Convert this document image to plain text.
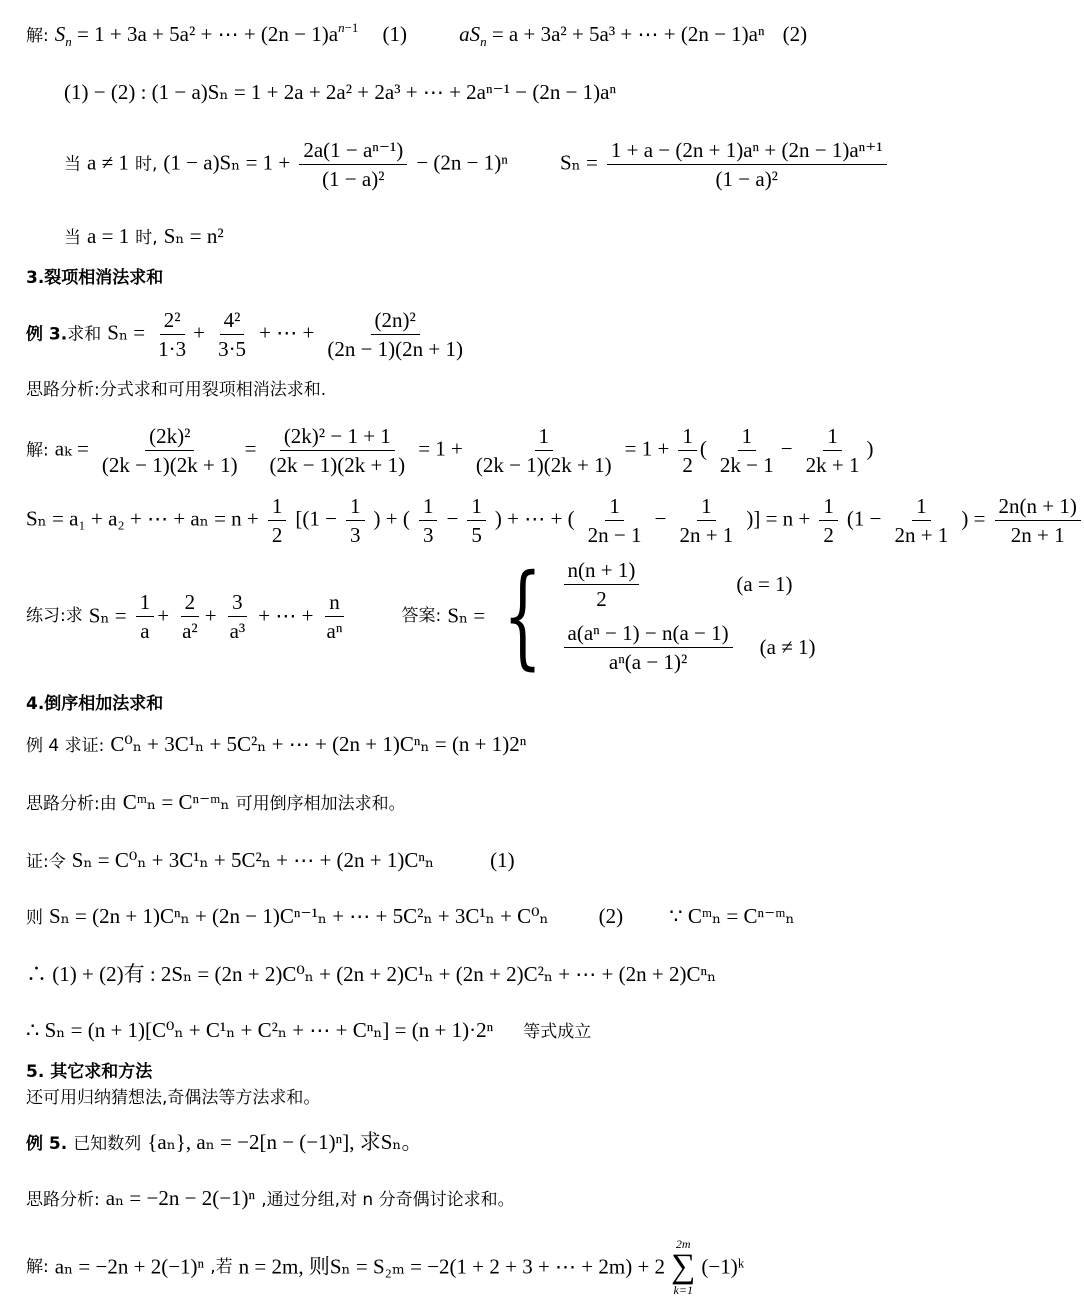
解: $S_n = 1 + 3a + 5a^2$ + ⋯ + $(2n - 1)a^{n-1}$ (1) $aS_n = a + 3a^2 + 5a^3$ + ⋯ + (2n − 1)aⁿ (2)
(1) − (2) : (1 − a)Sₙ = 1 + 2a + 2a² + 2a³ + ⋯ + 2aⁿ⁻¹ − (2n − 1)aⁿ
当 a ≠ 1 时, $(1 - a)S_n = 1 + \frac{\text{2a(1 − aⁿ⁻¹)}}{\text{(1 − a)²}} - (2n - 1)^n$ $S_n = \frac{\text{1 + a − (2n + 1)aⁿ + (2n − 1)aⁿ⁺¹}}{\text{(1 − a)²}}$
当 a = 1 时, Sₙ = n²
3.裂项相消法求和
例 3.求和 $S_n = \frac{\text{2²}}{1\cdot 3} + \frac{\text{4²}}{3\cdot 5}$ + ⋯ + $\frac{\text{(2n)²}}{(2n - 1)(2n + 1)}$
思路分析:分式求和可用裂项相消法求和.
解: $a_k = \frac{\text{(2k)²}}{(2k - 1)(2k + 1)} = \frac{\text{(2k)² − 1 + 1}}{(2k - 1)(2k + 1)} = 1 + \frac{1}{(2k - 1)(2k + 1)} = 1 + \frac{1}{2}$ ( $\frac{1}{2k - 1} - \frac{1}{2k + 1}$ )
Sₙ = a₁ + a₂ + ⋯ + $a_n = n + \frac{1}{2} [(1 - \frac{1}{3}$ ) + ( $\frac{1}{3} - \frac{1}{5}$ ) + ⋯ + ( $\frac{1}{2n - 1} - \frac{1}{2n + 1}$ )] = $n + \frac{1}{2} (1 - \frac{1}{2n + 1}$ ) = $\frac{2n(n + 1)}{2n + 1}$
练习:求 $S_n = \frac{1}{a} + \frac{2}{\text{a²}} + \frac{3}{\text{a³}}$ + ⋯ + $\frac{n}{\text{aⁿ}}$	答案: Sₙ = { $\frac{n(n + 1)}{2}$	(a = 1)
$\frac{\text{a(aⁿ − 1) − n(a − 1)}}{\text{aⁿ(a − 1)²}} (a \ne 1)$
4.倒序相加法求和
例 4 求证: C⁰ₙ + 3C¹ₙ + 5C²ₙ + ⋯ + (2n + 1)Cⁿₙ = (n + 1)2ⁿ
思路分析:由 Cᵐₙ = Cⁿ⁻ᵐₙ 可用倒序相加法求和。
证:令 Sₙ = C⁰ₙ + 3C¹ₙ + 5C²ₙ + ⋯ + (2n + 1)Cⁿₙ	(1)
则 Sₙ = (2n + 1)Cⁿₙ + (2n − 1)Cⁿ⁻¹ₙ + ⋯ + 5C²ₙ + 3C¹ₙ + C⁰ₙ (2) ∵ Cᵐₙ = Cⁿ⁻ᵐₙ
∴ (1) + (2)有 : 2Sₙ = (2n + 2)C⁰ₙ + (2n + 2)C¹ₙ + (2n + 2)C²ₙ + ⋯ + (2n + 2)Cⁿₙ
∴ Sₙ = (n + 1)[C⁰ₙ + C¹ₙ + C²ₙ + ⋯ + Cⁿₙ] = (n + 1)·2ⁿ 等式成立
5. 其它求和方法
还可用归纳猜想法,奇偶法等方法求和。
例 5. 已知数列 {aₙ}, aₙ = −2[n − (−1)ⁿ], 求Sₙ。
思路分析: aₙ = −2n − 2(−1)ⁿ ,通过分组,对 n 分奇偶讨论求和。
解: aₙ = −2n + 2(−1)ⁿ ,若 n = 2m, 则Sₙ = S₂ₘ = −2(1 + 2 + 3 + ⋯ + 2m) + 2
2m
∑
k=1
(−1)ᵏ
